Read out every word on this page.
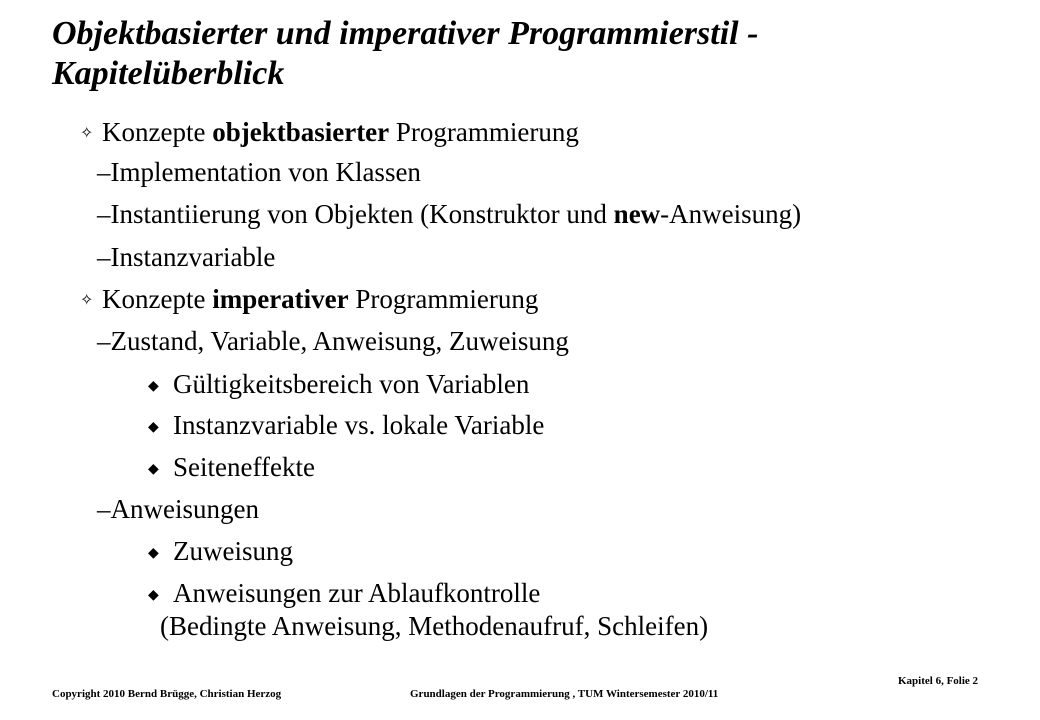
Objektbasierter und imperativer Programmierstil -
Kapitelüberblick
✧ Konzepte objektbasierter Programmierung
–Implementation von Klassen
–Instantiierung von Objekten (Konstruktor und new-Anweisung)
–Instanzvariable
✧ Konzepte imperativer Programmierung
–Zustand, Variable, Anweisung, Zuweisung
◆ Gültigkeitsbereich von Variablen
◆ Instanzvariable vs. lokale Variable
◆ Seiteneffekte
–Anweisungen
◆ Zuweisung
◆ Anweisungen zur Ablaufkontrolle
(Bedingte Anweisung, Methodenaufruf, Schleifen)
Copyright 2010 Bernd Brügge, Christian Herzog	Grundlagen der Programmierung , TUM Wintersemester 2010/11
Kapitel 6, Folie 2
